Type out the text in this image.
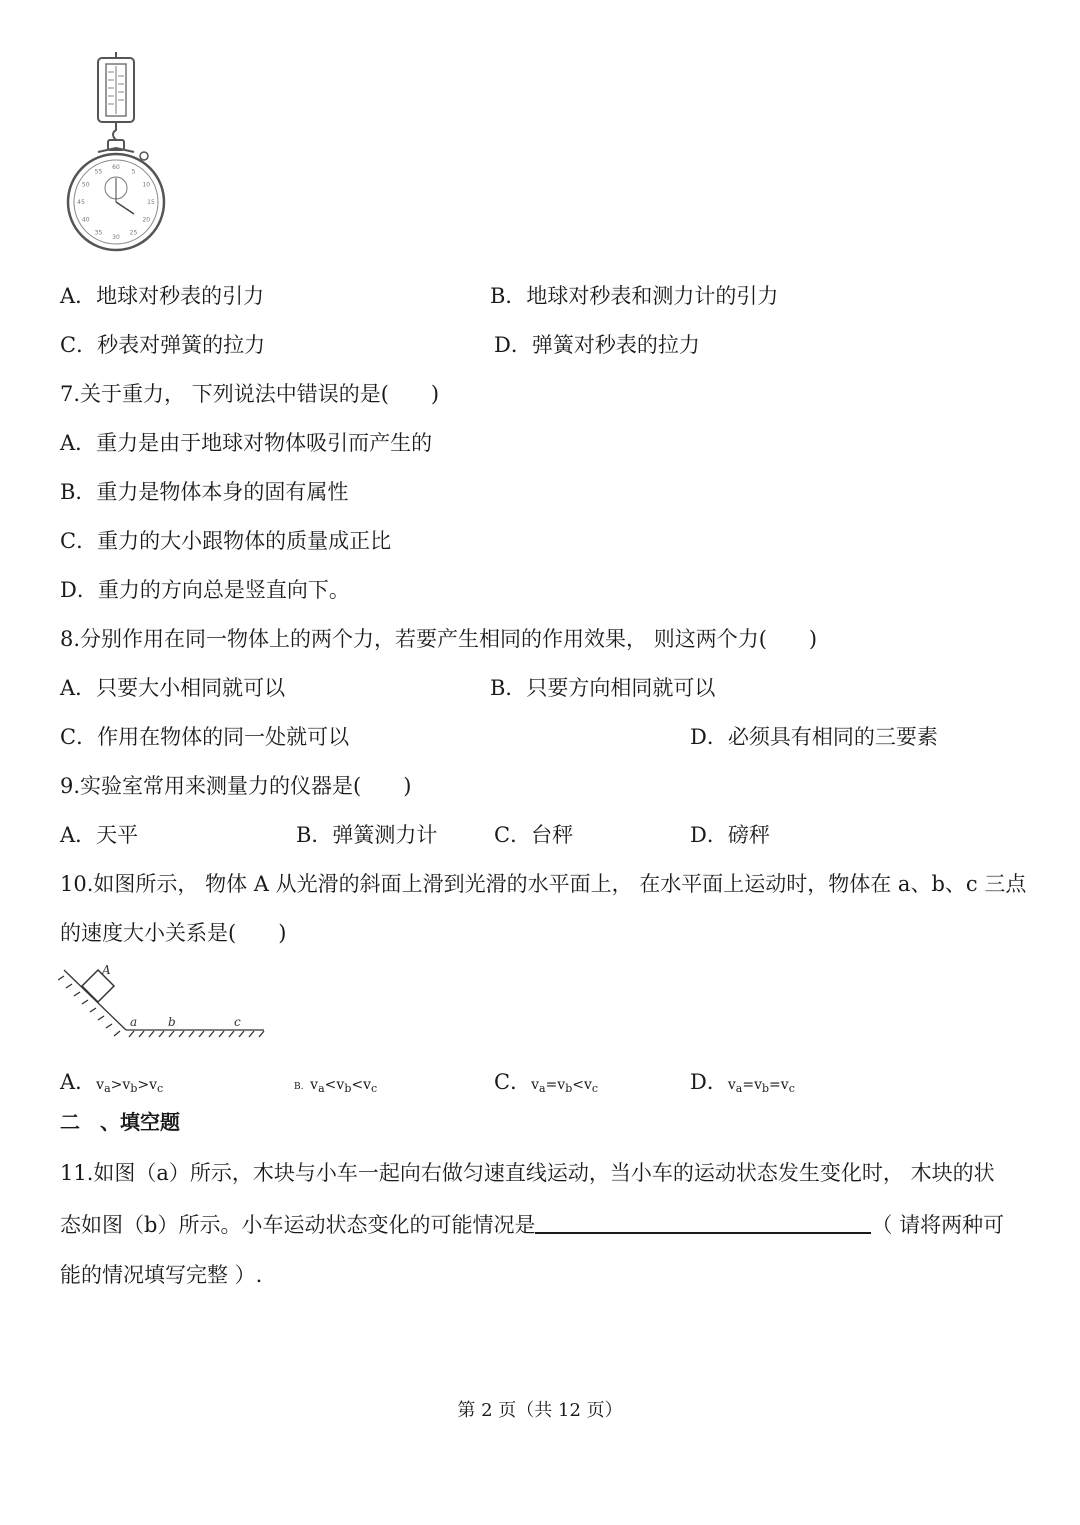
60
5
10
15
20
25
30
35
40
45
50
55
A．地球对秒表的引力	B．地球对秒表和测力计的引力
C．秒表对弹簧的拉力	D．弹簧对秒表的拉力
7.关于重力， 下列说法中错误的是(　　)
A．重力是由于地球对物体吸引而产生的
B．重力是物体本身的固有属性
C．重力的大小跟物体的质量成正比
D．重力的方向总是竖直向下。
8.分别作用在同一物体上的两个力，若要产生相同的作用效果， 则这两个力(　　)
A．只要大小相同就可以	B．只要方向相同就可以
C．作用在物体的同一处就可以	D．必须具有相同的三要素
9.实验室常用来测量力的仪器是(　　)
A．天平	B．弹簧测力计	C．台秤	D．磅秤
10.如图所示， 物体 A 从光滑的斜面上滑到光滑的水平面上， 在水平面上运动时，物体在 a、b、c 三点
的速度大小关系是(　　)
A
a	b	c
A．$v_a>v_b>v_c$	B. $v_a<v_b<v_c$	C．$v_a=v_b<v_c$	D．$v_a=v_b=v_c$
二　、填空题
11.如图（a）所示，木块与小车一起向右做匀速直线运动，当小车的运动状态发生变化时， 木块的状
态如图（b）所示。小车运动状态变化的可能情况是	（ 请将两种可
能的情况填写完整 ）.
第 2 页（共 12 页）
